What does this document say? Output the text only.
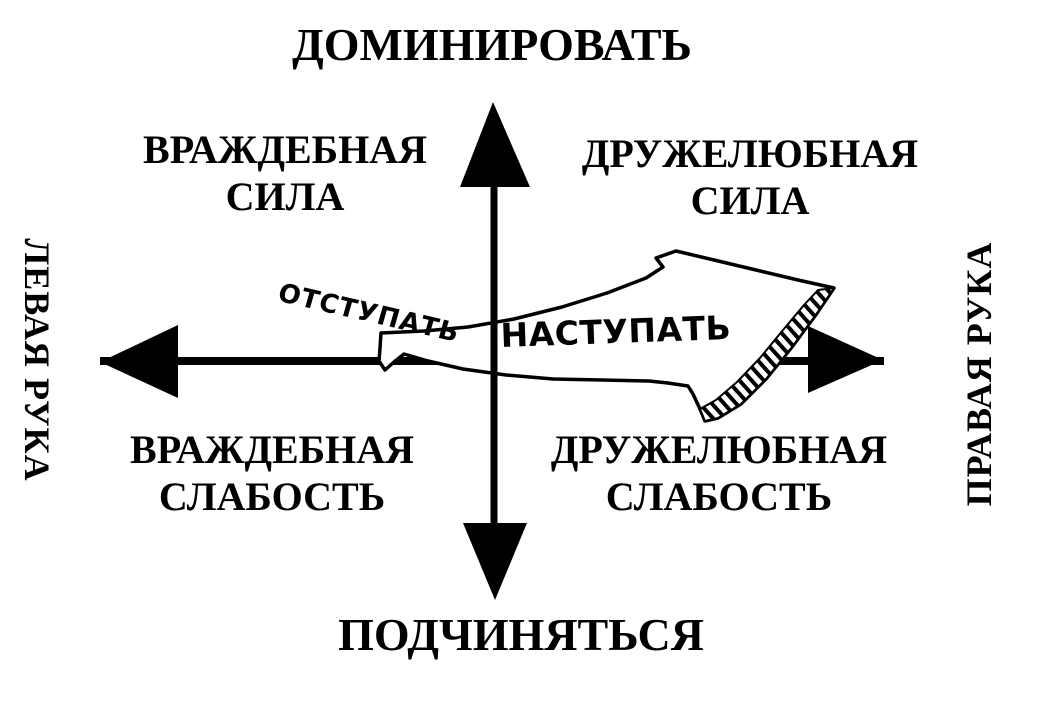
ОТСТУПАТЬ НАСТУПАТЬ
ДОМИНИРОВАТЬ
ПОДЧИНЯТЬСЯ
ЛЕВАЯ РУКА	ПРАВАЯ РУКА
ВРАЖДЕБНАЯ
СИЛА
ДРУЖЕЛЮБНАЯ
СИЛА
ВРАЖДЕБНАЯ
СЛАБОСТЬ
ДРУЖЕЛЮБНАЯ
СЛАБОСТЬ
